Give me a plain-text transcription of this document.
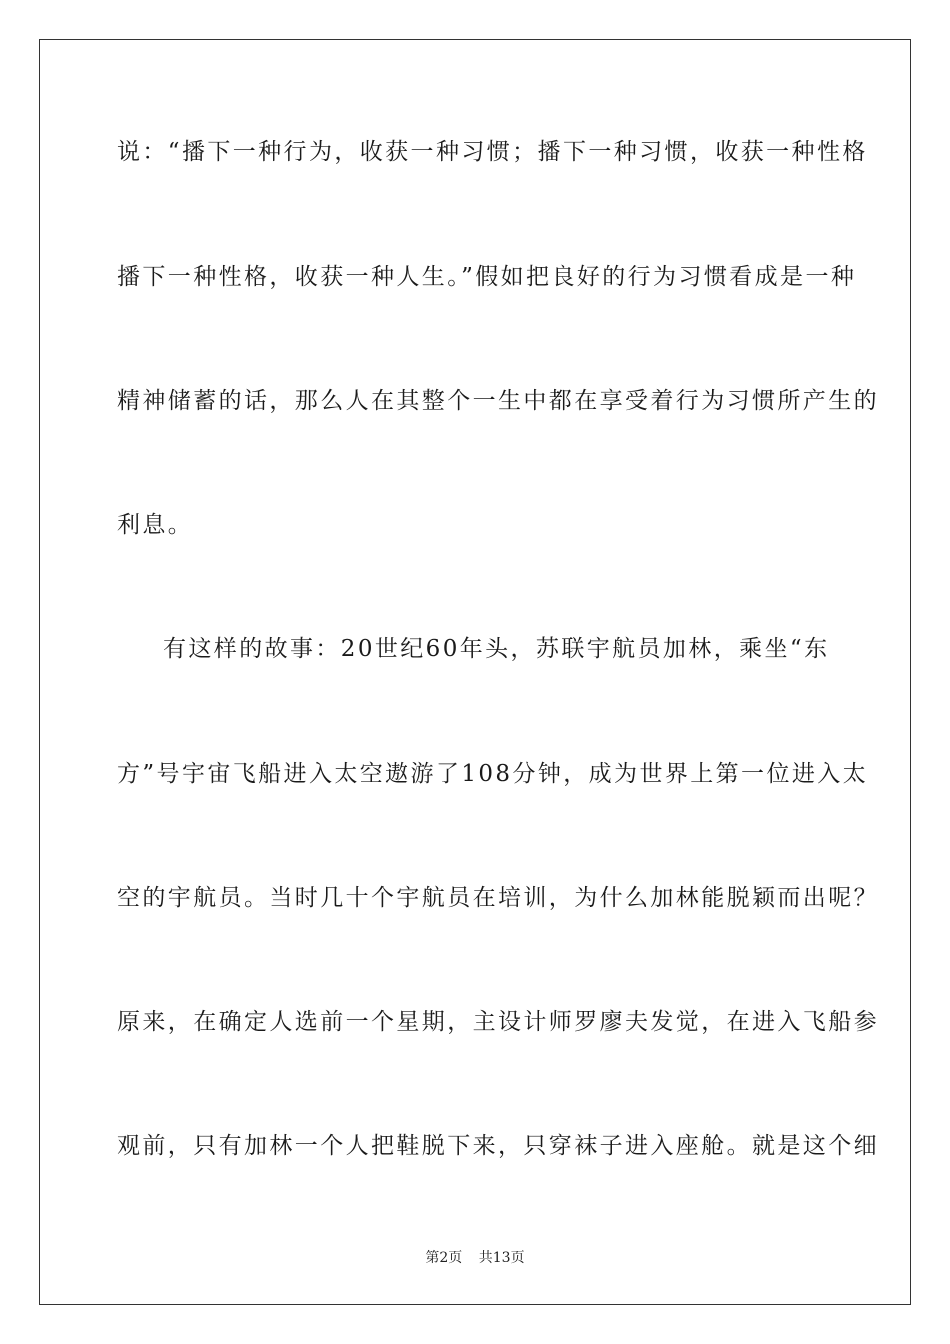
说：“播下一种行为，收获一种习惯；播下一种习惯，收获一种性格
播下一种性格，收获一种人生。”假如把良好的行为习惯看成是一种
精神储蓄的话，那么人在其整个一生中都在享受着行为习惯所产生的
利息。
有这样的故事：20世纪60年头，苏联宇航员加林，乘坐“东
方”号宇宙飞船进入太空遨游了108分钟，成为世界上第一位进入太
空的宇航员。当时几十个宇航员在培训，为什么加林能脱颖而出呢？
原来，在确定人选前一个星期，主设计师罗廖夫发觉，在进入飞船参
观前，只有加林一个人把鞋脱下来，只穿袜子进入座舱。就是这个细
第2页 共13页
